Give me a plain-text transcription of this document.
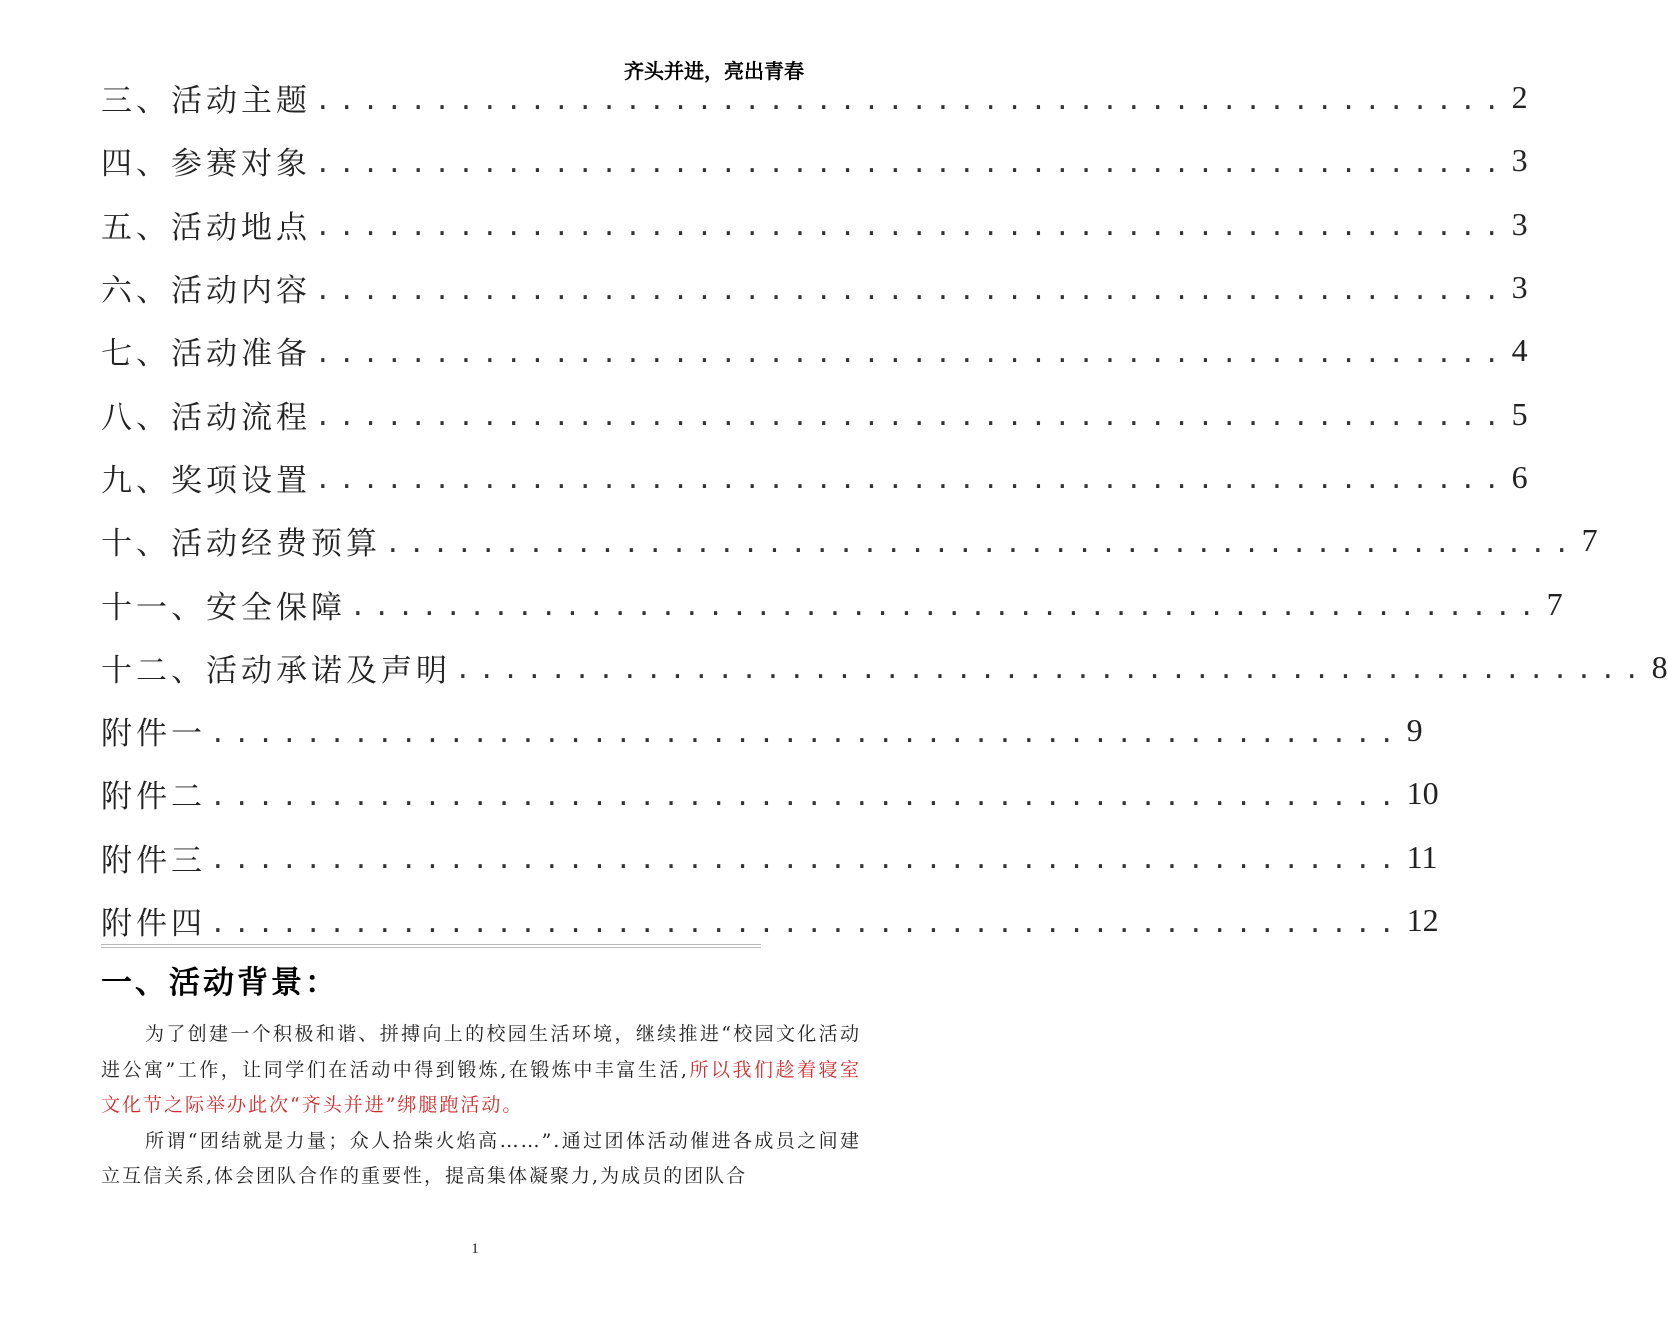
齐头并进，亮出青春
三、活动主题 .................................................. 2
四、参赛对象 .................................................. 3
五、活动地点 .................................................. 3
六、活动内容 .................................................. 3
七、活动准备 .................................................. 4
八、活动流程 .................................................. 5
九、奖项设置 .................................................. 6
十、活动经费预算 .................................................. 7
十一、安全保障 .................................................. 7
十二、活动承诺及声明 .................................................. 8
附件一 .................................................. 9
附件二 .................................................. 10
附件三 .................................................. 11
附件四 .................................................. 12
一、活动背景：

为了创建一个积极和谐、拼搏向上的校园生活环境，继续推进“校园文化活动进公寓”工作，让同学们在活动中得到锻炼,在锻炼中丰富生活,所以我们趁着寝室文化节之际举办此次“齐头并进”绑腿跑活动。

所谓“团结就是力量；众人拾柴火焰高……”.通过团体活动催进各成员之间建立互信关系,体会团队合作的重要性，提高集体凝聚力,为成员的团队合

1
